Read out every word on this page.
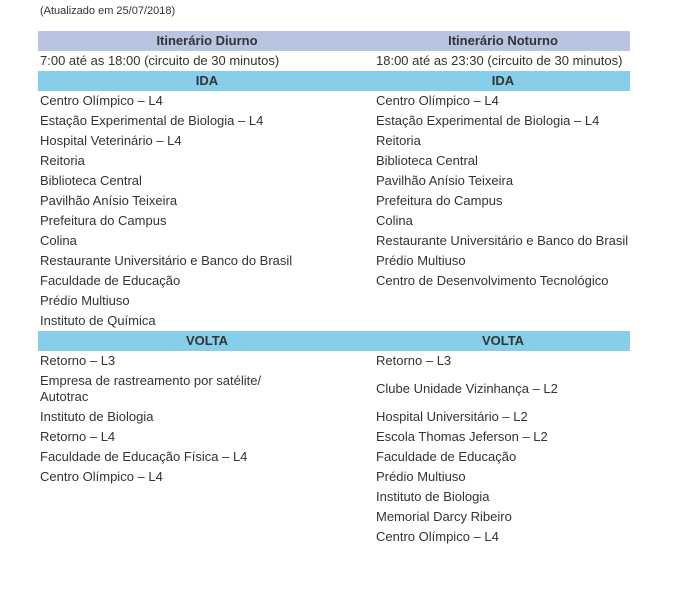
(Atualizado em 25/07/2018)
Itinerário Diurno	Itinerário Noturno
7:00 até as 18:00 (circuito de 30 minutos)	18:00 até as 23:30 (circuito de 30 minutos)
IDA	IDA
Centro Olímpico – L4	Centro Olímpico – L4
Estação Experimental de Biologia – L4	Estação Experimental de Biologia – L4
Hospital Veterinário – L4	Reitoria
Reitoria	Biblioteca Central
Biblioteca Central	Pavilhão Anísio Teixeira
Pavilhão Anísio Teixeira	Prefeitura do Campus
Prefeitura do Campus	Colina
Colina	Restaurante Universitário e Banco do Brasil
Restaurante Universitário e Banco do Brasil	Prédio Multiuso
Faculdade de Educação	Centro de Desenvolvimento Tecnológico
Prédio Multiuso	
Instituto de Química	
VOLTA	VOLTA
Retorno – L3	Retorno – L3
Empresa de rastreamento por satélite/ Autotrac	Clube Unidade Vizinhança – L2
Instituto de Biologia	Hospital Universitário – L2
Retorno – L4	Escola Thomas Jeferson – L2
Faculdade de Educação Física – L4	Faculdade de Educação
Centro Olímpico – L4	Prédio Multiuso
	Instituto de Biologia
	Memorial Darcy Ribeiro
	Centro Olímpico – L4
